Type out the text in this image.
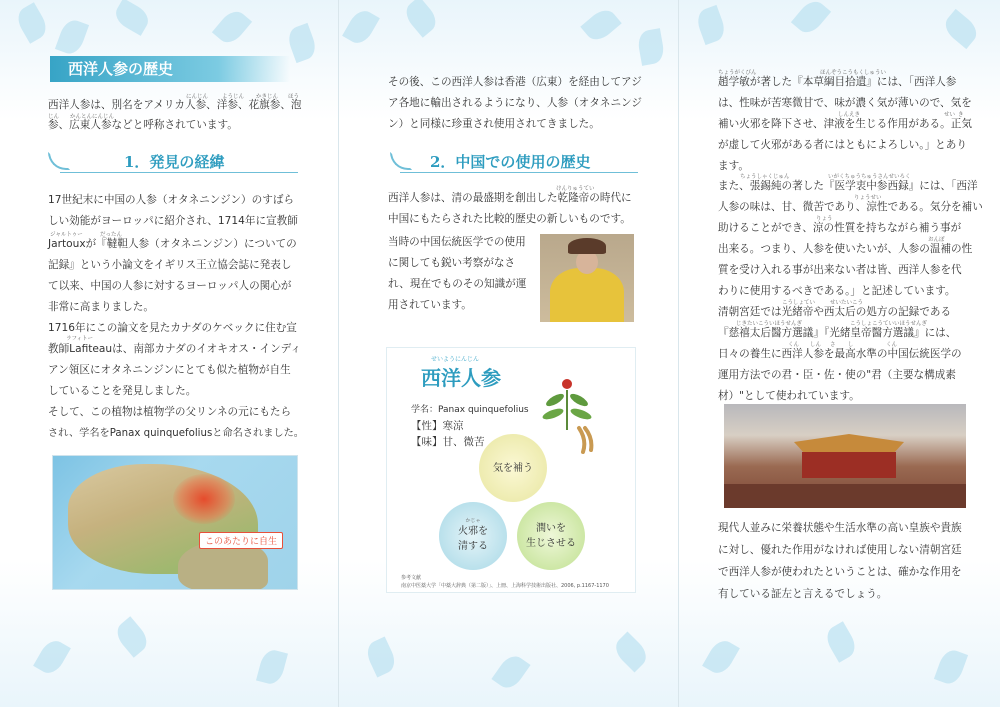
西洋人参の歴史
にんじん	ようじん かきじん ほう
じん かんとんにんじん
西洋人参は、別名をアメリカ人参、洋参、花旗参、泡
参、広東人参などと呼称されています。
1．発見の経緯
ジャルトゥー	だったん
ラフィトー
17世紀末に中国の人参（オタネニンジン）のすばら
しい効能がヨーロッパに紹介され、1714年に宣教師
Jartouxが『韃靼人参（オタネニンジン）についての
記録』という小論文をイギリス王立協会誌に発表し
て以来、中国の人参に対するヨーロッパ人の関心が
非常に高まりました。
1716年にこの論文を見たカナダのケベックに住む宣
教師Lafiteauは、南部カナダのイオキオス・インディ
アン領区にオタネニンジンにとても似た植物が自生
していることを発見しました。
そして、この植物は植物学の父リンネの元にもたら
され、学名をPanax quinquefoliusと命名されました。
このあたりに自生
その後、この西洋人参は香港（広東）を経由してアジ
ア各地に輸出されるようになり、人参（オタネニンジ
ン）と同様に珍重され使用されてきました。
2．中国での使用の歴史
けんりゅうてい
西洋人参は、清の最盛期を創出した乾隆帝の時代に
中国にもたらされた比較的歴史の新しいものです。
当時の中国伝統医学での使用
に関しても鋭い考察がなさ
れ、現在でものその知識が運
用されています。
せいようにんじん
西洋人参
学名：Panax quinquefolius
【性】寒涼
【味】甘、微苦
気を補う
かじゃ
火邪を
清する
潤いを
生じさせる
参考文献
南京中医薬大学「中薬大辞典（第二版）」、上冊、上海科学技術出版社、2006, p.1167-1170
ちょうがくびん	ほんぞうこうもくしゅうい
しんえき	せい き
ちょうしゃくじゅん	いがくちゅうちゅうさんせいろく
りょうせい
りょう
おんぽ
こうしょてい	せいたいこう
じきたいこういほうせんぎ	こうしょこうていいほうせんぎ
くん しん さ し	くん
趙学敏が著した『本草綱目拾遺』には、「西洋人参
は、性味が苦寒微甘で、味が濃く気が薄いので、気を
補い火邪を降下させ、津液を生じる作用がある。正気
が虚して火邪がある者にはともによろしい。」とあり
ます。
また、張錫純の著した『医学衷中参西録』には、「西洋
人参の味は、甘、微苦であり、涼性である。気分を補い
助けることができ、涼の性質を持ちながら補う事が
出来る。つまり、人参を使いたいが、人参の温補の性
質を受け入れる事が出来ない者は皆、西洋人参を代
わりに使用するべきである。」と記述しています。
清朝宮廷では光緒帝や西太后の処方の記録である
『慈禧太后醫方選議』『光緒皇帝醫方選議』には、
日々の養生に西洋人参を最高水準の中国伝統医学の
運用方法での君・臣・佐・使の"君（主要な構成素
材）"として使われています。
現代人並みに栄養状態や生活水準の高い皇族や貴族
に対し、優れた作用がなければ使用しない清朝宮廷
で西洋人参が使われたということは、確かな作用を
有している証左と言えるでしょう。
